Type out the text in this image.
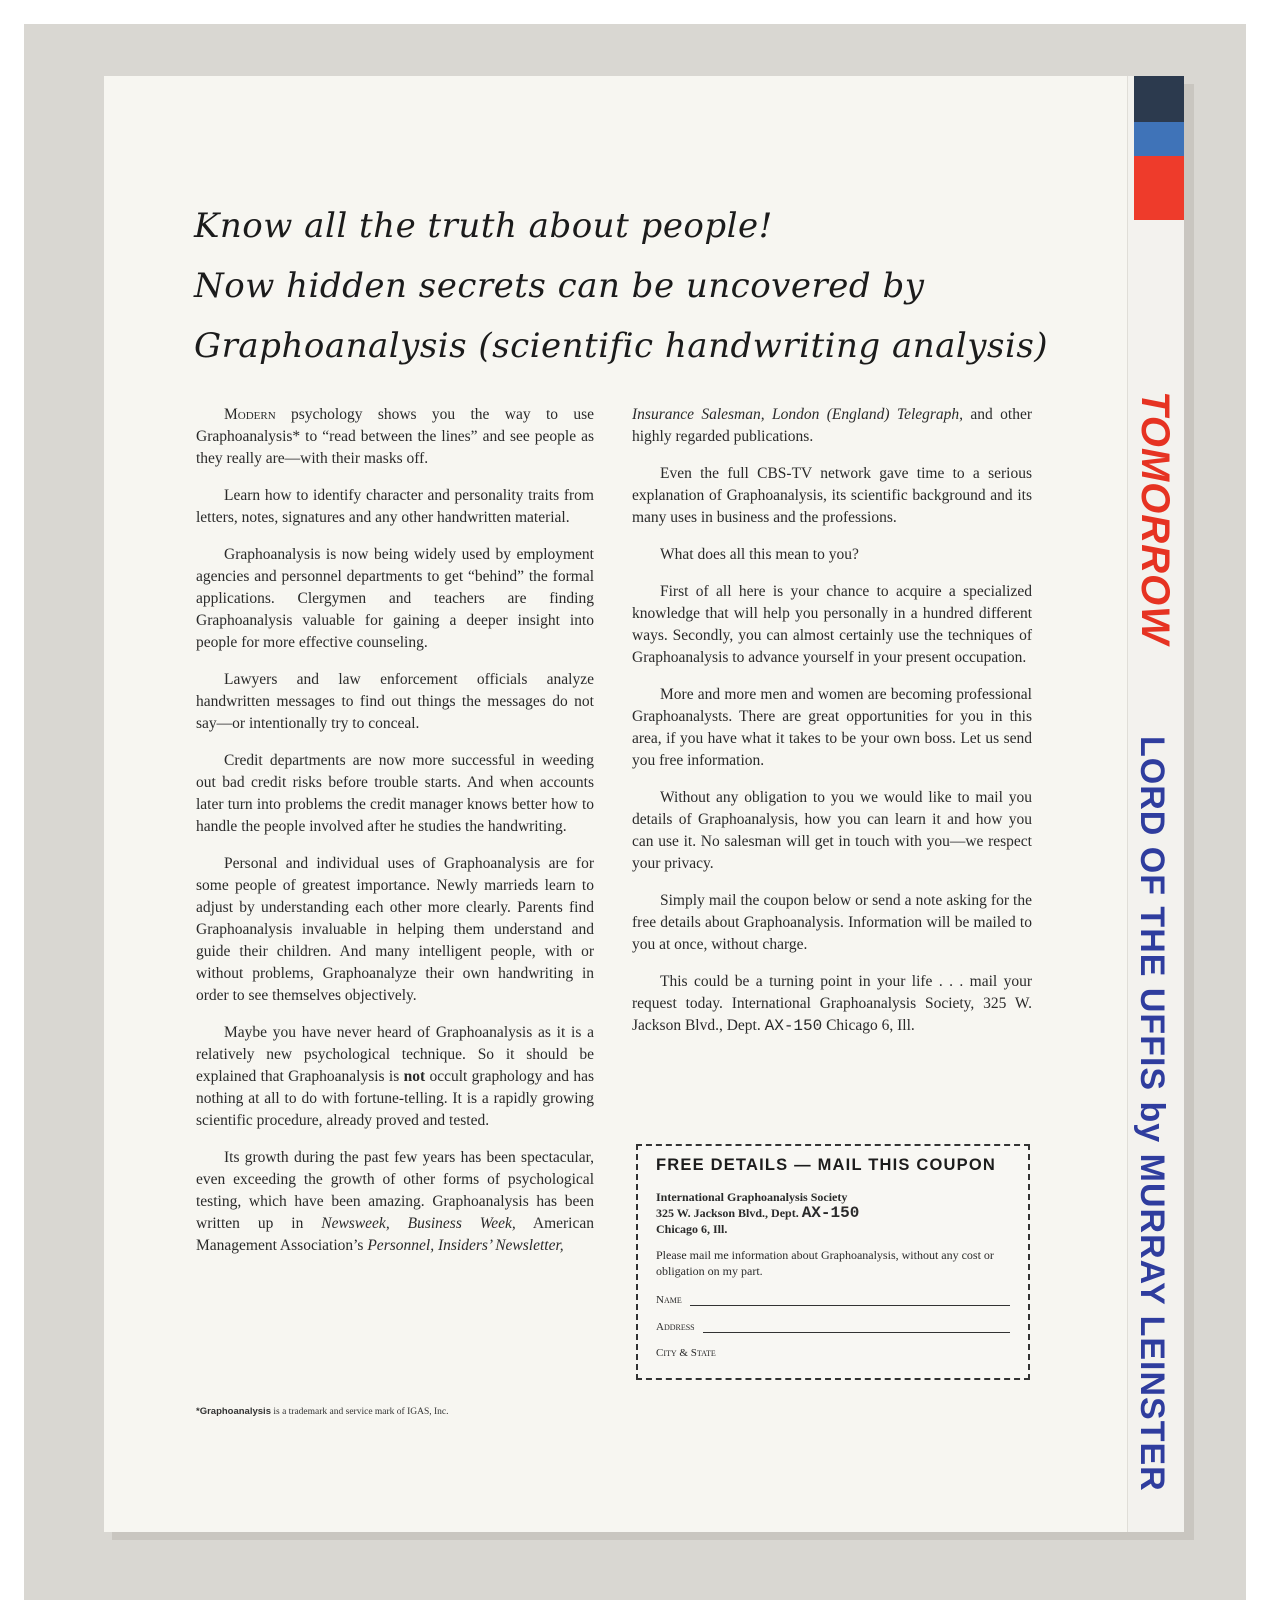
TOMORROW
LORD OF THE UFFIS by MURRAY LEINSTER
Know all the truth about people!
Now hidden secrets can be uncovered by
Graphoanalysis (scientific handwriting analysis)

Modern psychology shows you the way to use Graphoanalysis* to “read between the lines” and see people as they really are—with their masks off.

Learn how to identify character and personality traits from letters, notes, signatures and any other handwritten material.

Graphoanalysis is now being widely used by employment agencies and personnel departments to get “behind” the formal applications. Clergymen and teachers are finding Graphoanalysis valuable for gaining a deeper insight into people for more effective counseling.

Lawyers and law enforcement officials analyze handwritten messages to find out things the messages do not say—or intentionally try to conceal.

Credit departments are now more successful in weeding out bad credit risks before trouble starts. And when accounts later turn into problems the credit manager knows better how to handle the people involved after he studies the handwriting.

Personal and individual uses of Graphoanalysis are for some people of greatest importance. Newly marrieds learn to adjust by understanding each other more clearly. Parents find Graphoanalysis invaluable in helping them understand and guide their children. And many intelligent people, with or without problems, Graphoanalyze their own handwriting in order to see themselves objectively.

Maybe you have never heard of Graphoanalysis as it is a relatively new psychological technique. So it should be explained that Graphoanalysis is not occult graphology and has nothing at all to do with fortune-telling. It is a rapidly growing scientific procedure, already proved and tested.

Its growth during the past few years has been spectacular, even exceeding the growth of other forms of psychological testing, which have been amazing. Graphoanalysis has been written up in Newsweek, Business Week, American Management Association’s Personnel, Insiders’ Newsletter,

Insurance Salesman, London (England) Telegraph, and other highly regarded publications.

Even the full CBS-TV network gave time to a serious explanation of Graphoanalysis, its scientific background and its many uses in business and the professions.

What does all this mean to you?

First of all here is your chance to acquire a specialized knowledge that will help you personally in a hundred different ways. Secondly, you can almost certainly use the techniques of Graphoanalysis to advance yourself in your present occupation.

More and more men and women are becoming professional Graphoanalysts. There are great opportunities for you in this area, if you have what it takes to be your own boss. Let us send you free information.

Without any obligation to you we would like to mail you details of Graphoanalysis, how you can learn it and how you can use it. No salesman will get in touch with you—we respect your privacy.

Simply mail the coupon below or send a note asking for the free details about Graphoanalysis. Information will be mailed to you at once, without charge.

This could be a turning point in your life . . . mail your request today. International Graphoanalysis Society, 325 W. Jackson Blvd., Dept. AX-150 Chicago 6, Ill.

FREE DETAILS — MAIL THIS COUPON
International Graphoanalysis Society
325 W. Jackson Blvd., Dept. AX-150
Chicago 6, Ill.
Please mail me information about Graphoanalysis, without any cost or obligation on my part.
Name
Address
City & State
*Graphoanalysis is a trademark and service mark of IGAS, Inc.
